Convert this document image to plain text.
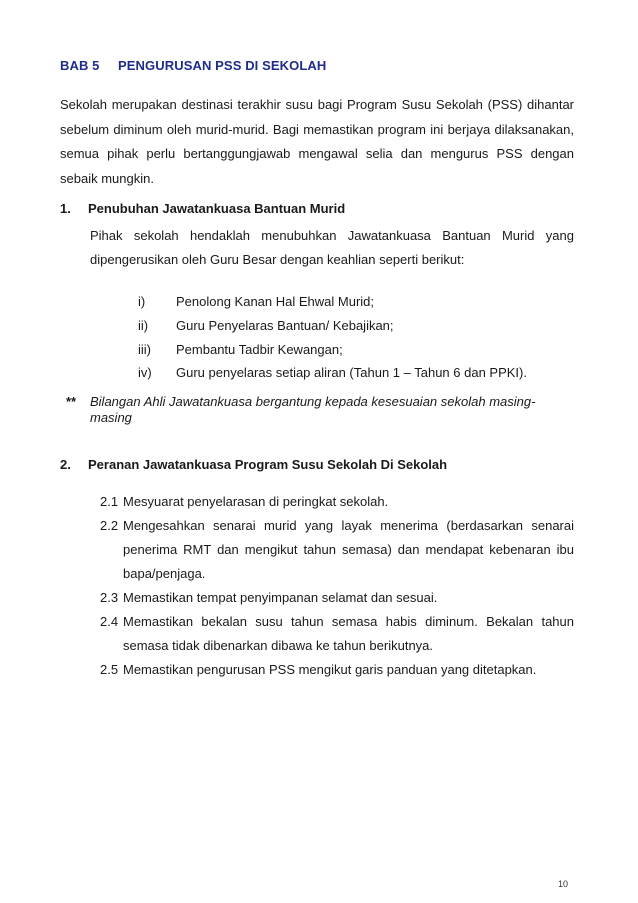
BAB 5 PENGURUSAN PSS DI SEKOLAH
Sekolah merupakan destinasi terakhir susu bagi Program Susu Sekolah (PSS) dihantar sebelum diminum oleh murid-murid. Bagi memastikan program ini berjaya dilaksanakan, semua pihak perlu bertanggungjawab mengawal selia dan mengurus PSS dengan sebaik mungkin.
1. Penubuhan Jawatankuasa Bantuan Murid
Pihak sekolah hendaklah menubuhkan Jawatankuasa Bantuan Murid yang dipengerusikan oleh Guru Besar dengan keahlian seperti berikut:
i) Penolong Kanan Hal Ehwal Murid;
ii) Guru Penyelaras Bantuan/ Kebajikan;
iii) Pembantu Tadbir Kewangan;
iv) Guru penyelaras setiap aliran (Tahun 1 – Tahun 6 dan PPKI).
** Bilangan Ahli Jawatankuasa bergantung kepada kesesuaian sekolah masing-masing
2. Peranan Jawatankuasa Program Susu Sekolah Di Sekolah
2.1 Mesyuarat penyelarasan di peringkat sekolah.
2.2 Mengesahkan senarai murid yang layak menerima (berdasarkan senarai penerima RMT dan mengikut tahun semasa) dan mendapat kebenaran ibu bapa/penjaga.
2.3 Memastikan tempat penyimpanan selamat dan sesuai.
2.4 Memastikan bekalan susu tahun semasa habis diminum. Bekalan tahun semasa tidak dibenarkan dibawa ke tahun berikutnya.
2.5 Memastikan pengurusan PSS mengikut garis panduan yang ditetapkan.
10
